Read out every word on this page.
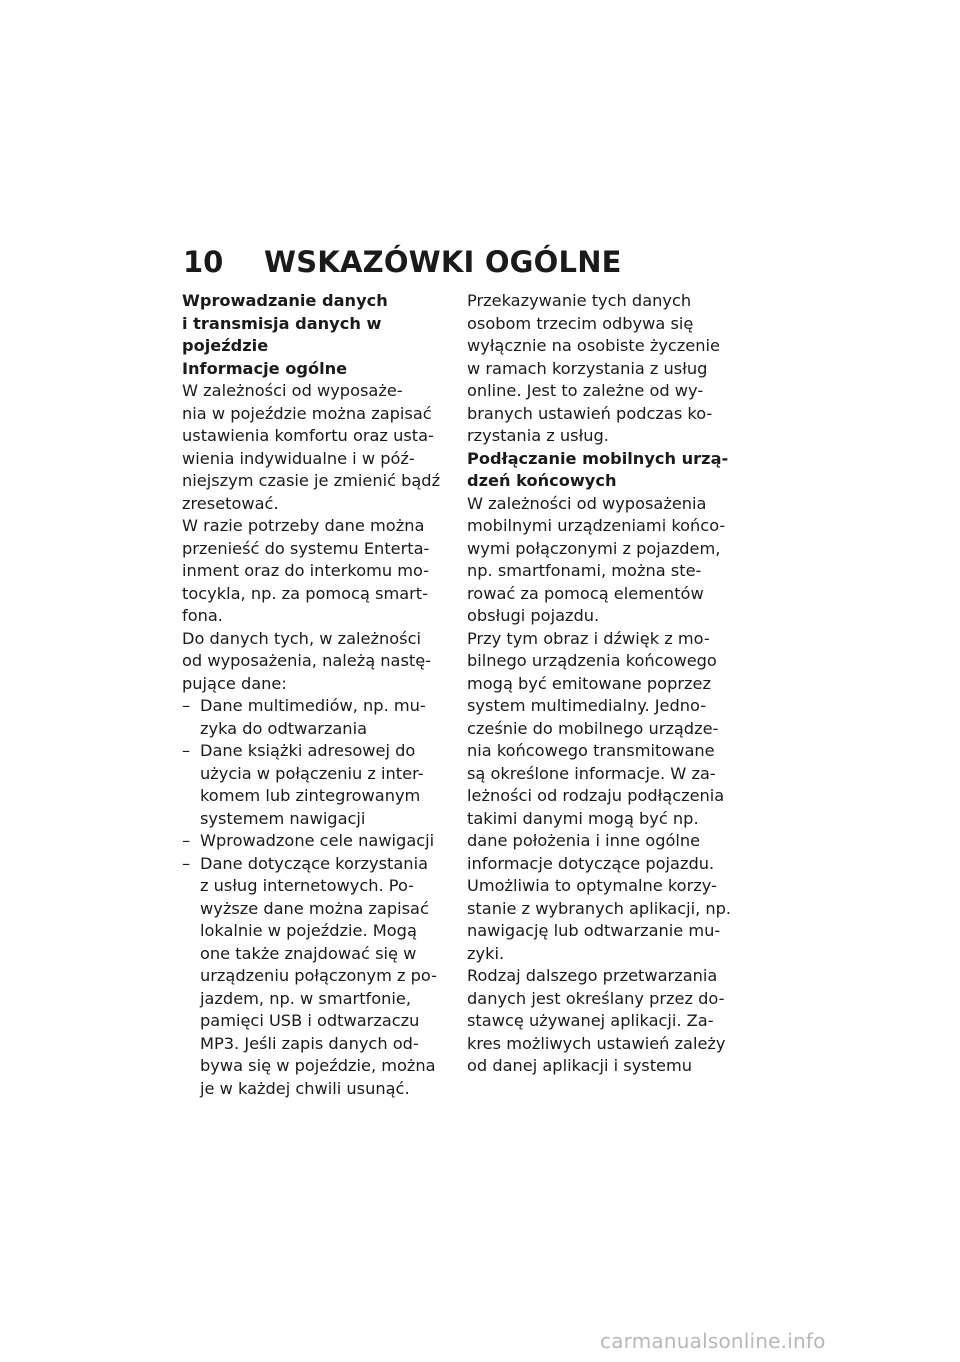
10 WSKAZÓWKI OGÓLNE
Wprowadzanie danych
i transmisja danych w
pojeździe
Informacje ogólne

W zależności od wyposaże-
nia w pojeździe można zapisać
ustawienia komfortu oraz usta-
wienia indywidualne i w póź-
niejszym czasie je zmienić bądź
zresetować.

W razie potrzeby dane można
przenieść do systemu Enterta-
inment oraz do interkomu mo-
tocykla, np. za pomocą smart-
fona.

Do danych tych, w zależności
od wyposażenia, należą nastę-
pujące dane:

– Dane multimediów, np. mu-
zyka do odtwarzania
– Dane książki adresowej do
użycia w połączeniu z inter-
komem lub zintegrowanym
systemem nawigacji
– Wprowadzone cele nawigacji
– Dane dotyczące korzystania
z usług internetowych. Po-
wyższe dane można zapisać
lokalnie w pojeździe. Mogą
one także znajdować się w
urządzeniu połączonym z po-
jazdem, np. w smartfonie,
pamięci USB i odtwarzaczu
MP3. Jeśli zapis danych od-
bywa się w pojeździe, można
je w każdej chwili usunąć.

Przekazywanie tych danych
osobom trzecim odbywa się
wyłącznie na osobiste życzenie
w ramach korzystania z usług
online. Jest to zależne od wy-
branych ustawień podczas ko-
rzystania z usług.

Podłączanie mobilnych urzą-
dzeń końcowych

W zależności od wyposażenia
mobilnymi urządzeniami końco-
wymi połączonymi z pojazdem,
np. smartfonami, można ste-
rować za pomocą elementów
obsługi pojazdu.

Przy tym obraz i dźwięk z mo-
bilnego urządzenia końcowego
mogą być emitowane poprzez
system multimedialny. Jedno-
cześnie do mobilnego urządze-
nia końcowego transmitowane
są określone informacje. W za-
leżności od rodzaju podłączenia
takimi danymi mogą być np.
dane położenia i inne ogólne
informacje dotyczące pojazdu.
Umożliwia to optymalne korzy-
stanie z wybranych aplikacji, np.
nawigację lub odtwarzanie mu-
zyki.

Rodzaj dalszego przetwarzania
danych jest określany przez do-
stawcę używanej aplikacji. Za-
kres możliwych ustawień zależy
od danej aplikacji i systemu

carmanualsonline.info
